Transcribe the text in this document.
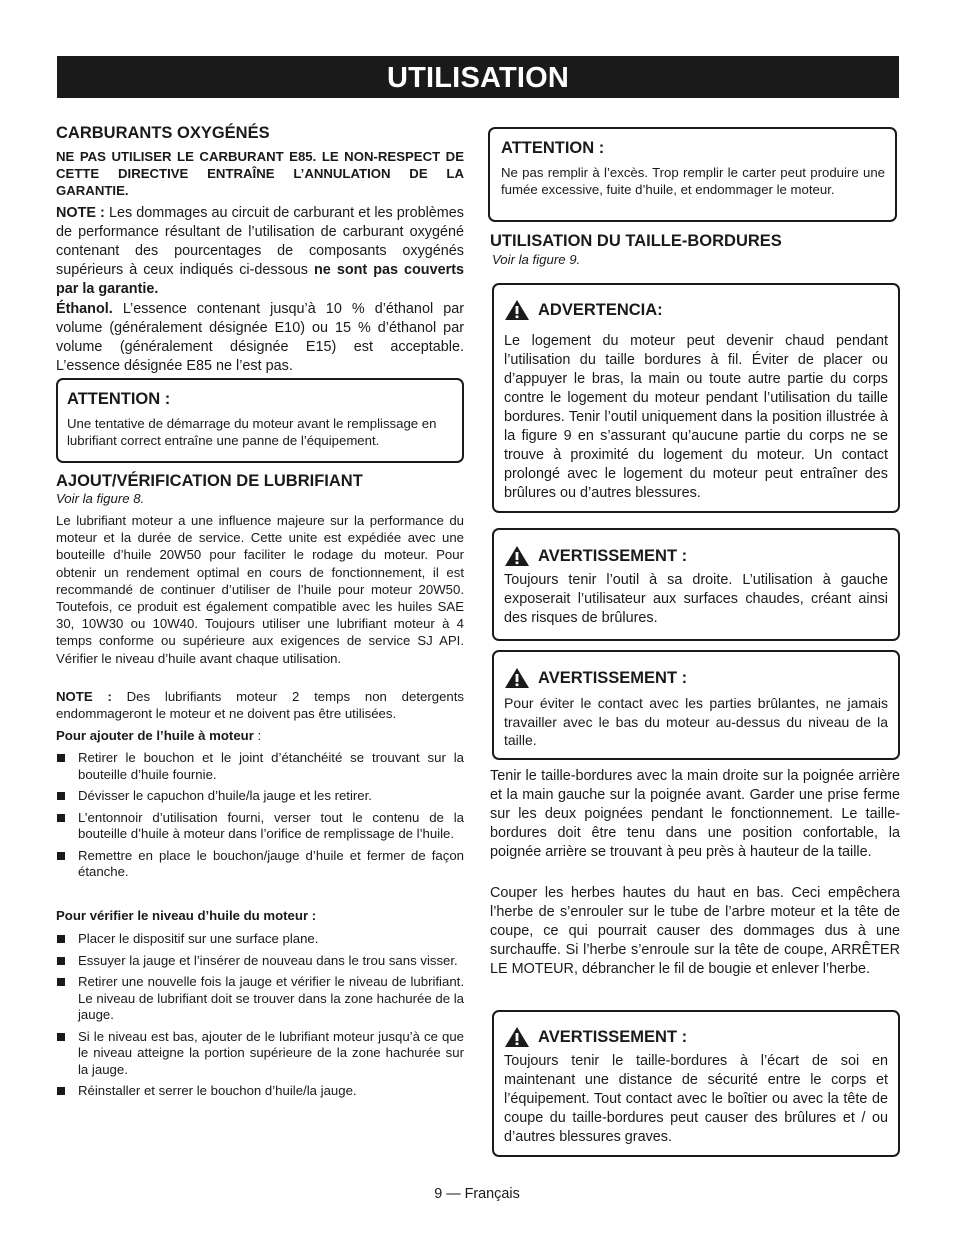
UTILISATION
CARBURANTS OXYGÉNÉS

NE PAS UTILISER LE CARBURANT E85. LE NON-RESPECT DE CETTE DIRECTIVE ENTRAÎNE L’ANNULATION DE LA GARANTIE.

NOTE : Les dommages au circuit de carburant et les problèmes de performance résultant de l’utilisation de carburant oxygéné contenant des pourcentages de composants oxygénés supérieurs à ceux indiqués ci-dessous ne sont pas couverts par la garantie.

Éthanol. L’essence contenant jusqu’à 10 % d’éthanol par volume (généralement désignée E10) ou 15 % d’éthanol par volume (généralement désignée E15) est acceptable. L’essence désignée E85 ne l’est pas.

ATTENTION :

Une tentative de démarrage du moteur avant le remplissage en lubrifiant correct entraîne une panne de l’équipement.

AJOUT/VÉRIFICATION DE LUBRIFIANT

Voir la figure 8.

Le lubrifiant moteur a une influence majeure sur la performance du moteur et la durée de service. Cette unite est expédiée avec une bouteille d’huile 20W50 pour faciliter le rodage du moteur. Pour obtenir un rendement optimal en cours de fonctionnement, il est recommandé de continuer d’utiliser de l’huile pour moteur 20W50. Toutefois, ce produit est également compatible avec les huiles SAE 30, 10W30 ou 10W40. Toujours utiliser une lubrifiant moteur à 4 temps conforme ou supérieure aux exigences de service SJ API. Vérifier le niveau d’huile avant chaque utilisation.

NOTE : Des lubrifiants moteur 2 temps non detergents endommageront le moteur et ne doivent pas être utilisées.

Pour ajouter de l’huile à moteur :

Retirer le bouchon et le joint d’étanchéité se trouvant sur la bouteille d’huile fournie.
Dévisser le capuchon d’huile/la jauge et les retirer.
L’entonnoir d’utilisation fourni, verser tout le contenu de la bouteille d’huile à moteur dans l’orifice de remplissage de l’huile.
Remettre en place le bouchon/jauge d’huile et fermer de façon étanche.

Pour vérifier le niveau d’huile du moteur :

Placer le dispositif sur une surface plane.
Essuyer la jauge et l’insérer de nouveau dans le trou sans visser.
Retirer une nouvelle fois la jauge et vérifier le niveau de lubrifiant. Le niveau de lubrifiant doit se trouver dans la zone hachurée de la jauge.
Si le niveau est bas, ajouter de le lubrifiant moteur jusqu’à ce que le niveau atteigne la portion supérieure de la zone hachurée sur la jauge.
Réinstaller et serrer le bouchon d’huile/la jauge.
ATTENTION :

Ne pas remplir à l’excès. Trop remplir le carter peut produire une fumée excessive, fuite d’huile, et endommager le moteur.

UTILISATION DU TAILLE-BORDURES

Voir la figure 9.

ADVERTENCIA:

Le logement du moteur peut devenir chaud pendant l’utilisation du taille bordures à fil. Éviter de placer ou d’appuyer le bras, la main ou toute autre partie du corps contre le logement du moteur pendant l’utilisation du taille bordures. Tenir l’outil uniquement dans la position illustrée à la figure 9 en s’assurant qu’aucune partie du corps ne se trouve à proximité du logement du moteur. Un contact prolongé avec le logement du moteur peut entraîner des brûlures ou d’autres blessures.

AVERTISSEMENT :

Toujours tenir l’outil à sa droite. L’utilisation à gauche exposerait l’utilisateur aux surfaces chaudes, créant ainsi des risques de brûlures.

AVERTISSEMENT :

Pour éviter le contact avec les parties brûlantes, ne jamais travailler avec le bas du moteur au-dessus du niveau de la taille.

Tenir le taille-bordures avec la main droite sur la poignée arrière et la main gauche sur la poignée avant. Garder une prise ferme sur les deux poignées pendant le fonctionnement. Le taille-bordures doit être tenu dans une position confortable, la poignée arrière se trouvant à peu près à hauteur de la taille.

Couper les herbes hautes du haut en bas. Ceci empêchera l’herbe de s’enrouler sur le tube de l’arbre moteur et la tête de coupe, ce qui pourrait causer des dommages dus à une surchauffe. Si l’herbe s’enroule sur la tête de coupe, ARRÊTER LE MOTEUR, débrancher le fil de bougie et enlever l’herbe.

AVERTISSEMENT :

Toujours tenir le taille-bordures à l’écart de soi en maintenant une distance de sécurité entre le corps et l’équipement. Tout contact avec le boîtier ou avec la tête de coupe du taille-bordures peut causer des brûlures et / ou d’autres blessures graves.

9 — Français
